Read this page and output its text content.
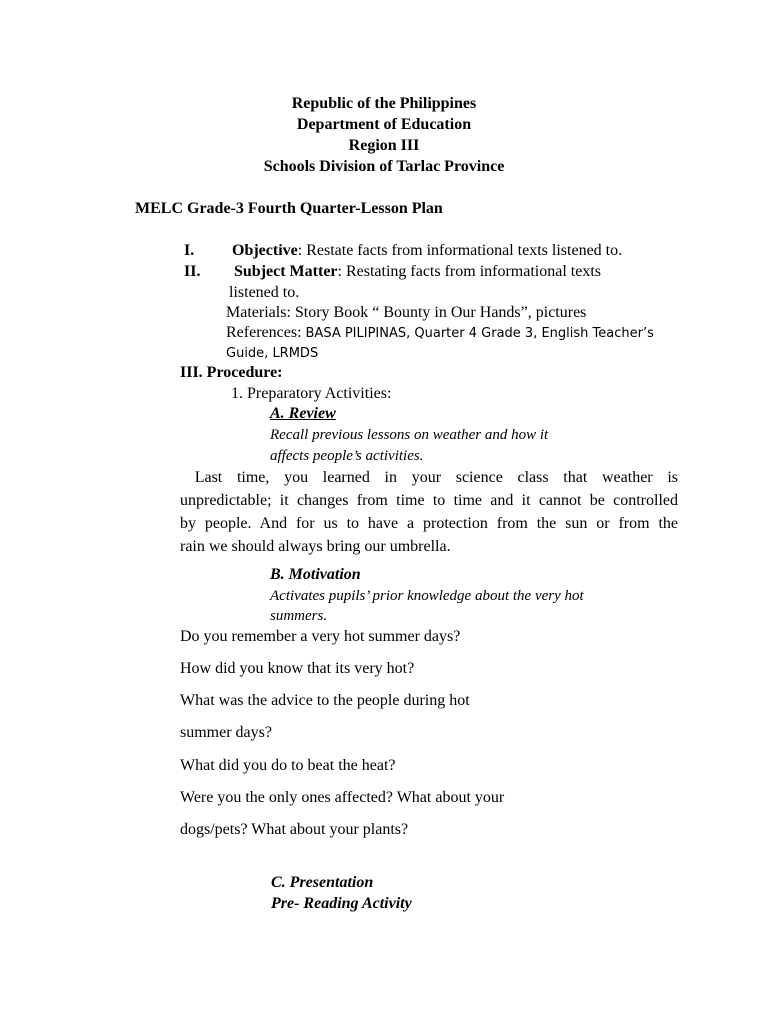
Republic of the Philippines
Department of Education
Region III
Schools Division of Tarlac Province
MELC Grade-3 Fourth Quarter-Lesson Plan
I. Objective: Restate facts from informational texts listened to.
II. Subject Matter: Restating facts from informational texts
listened to.
Materials: Story Book “ Bounty in Our Hands”, pictures
References: BASA PILIPINAS, Quarter 4 Grade 3, English Teacher’s
Guide, LRMDS
III. Procedure:
1. Preparatory Activities:
A. Review
Recall previous lessons on weather and how it
affects people’s activities.
Last time, you learned in your science class that weather is
unpredictable; it changes from time to time and it cannot be controlled
by people. And for us to have a protection from the sun or from the
rain we should always bring our umbrella.
B. Motivation
Activates pupils’ prior knowledge about the very hot
summers.
Do you remember a very hot summer days?
How did you know that its very hot?
What was the advice to the people during hot
summer days?
What did you do to beat the heat?
Were you the only ones affected? What about your
dogs/pets? What about your plants?
C. Presentation
Pre- Reading Activity
